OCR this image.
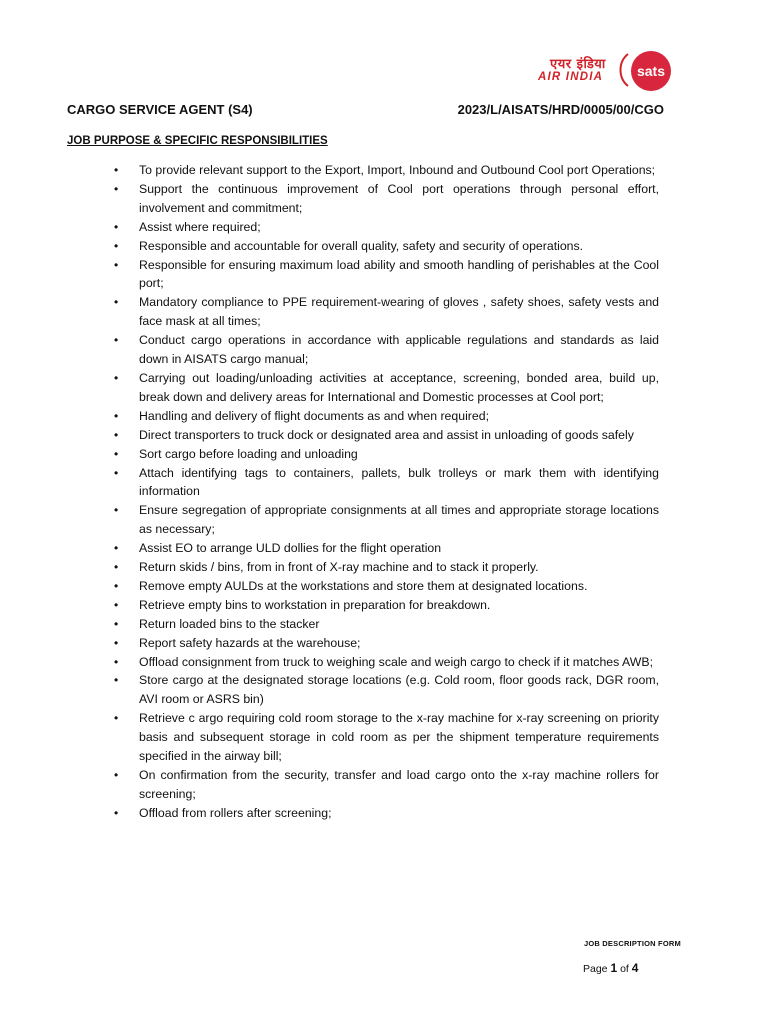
एयर इंडिया
AIR INDIA sats
CARGO SERVICE AGENT (S4)	2023/L/AISATS/HRD/0005/00/CGO
JOB PURPOSE & SPECIFIC RESPONSIBILITIES
• To provide relevant support to the Export, Import, Inbound and Outbound Cool port Operations;
• Support the continuous improvement of Cool port operations through personal effort, involvement and commitment;
• Assist where required;
• Responsible and accountable for overall quality, safety and security of operations.
• Responsible for ensuring maximum load ability and smooth handling of perishables at the Cool port;
• Mandatory compliance to PPE requirement-wearing of gloves , safety shoes, safety vests and face mask at all times;
• Conduct cargo operations in accordance with applicable regulations and standards as laid down in AISATS cargo manual;
• Carrying out loading/unloading activities at acceptance, screening, bonded area, build up, break down and delivery areas for International and Domestic processes at Cool port;
• Handling and delivery of flight documents as and when required;
• Direct transporters to truck dock or designated area and assist in unloading of goods safely
• Sort cargo before loading and unloading
• Attach identifying tags to containers, pallets, bulk trolleys or mark them with identifying information
• Ensure segregation of appropriate consignments at all times and appropriate storage locations as necessary;
• Assist EO to arrange ULD dollies for the flight operation
• Return skids / bins, from in front of X-ray machine and to stack it properly.
• Remove empty AULDs at the workstations and store them at designated locations.
• Retrieve empty bins to workstation in preparation for breakdown.
• Return loaded bins to the stacker
• Report safety hazards at the warehouse;
• Offload consignment from truck to weighing scale and weigh cargo to check if it matches AWB;
• Store cargo at the designated storage locations (e.g. Cold room, floor goods rack, DGR room, AVI room or ASRS bin)
• Retrieve c argo requiring cold room storage to the x-ray machine for x-ray screening on priority basis and subsequent storage in cold room as per the shipment temperature requirements specified in the airway bill;
• On confirmation from the security, transfer and load cargo onto the x-ray machine rollers for screening;
• Offload from rollers after screening;
JOB DESCRIPTION FORM
Page 1 of 4
